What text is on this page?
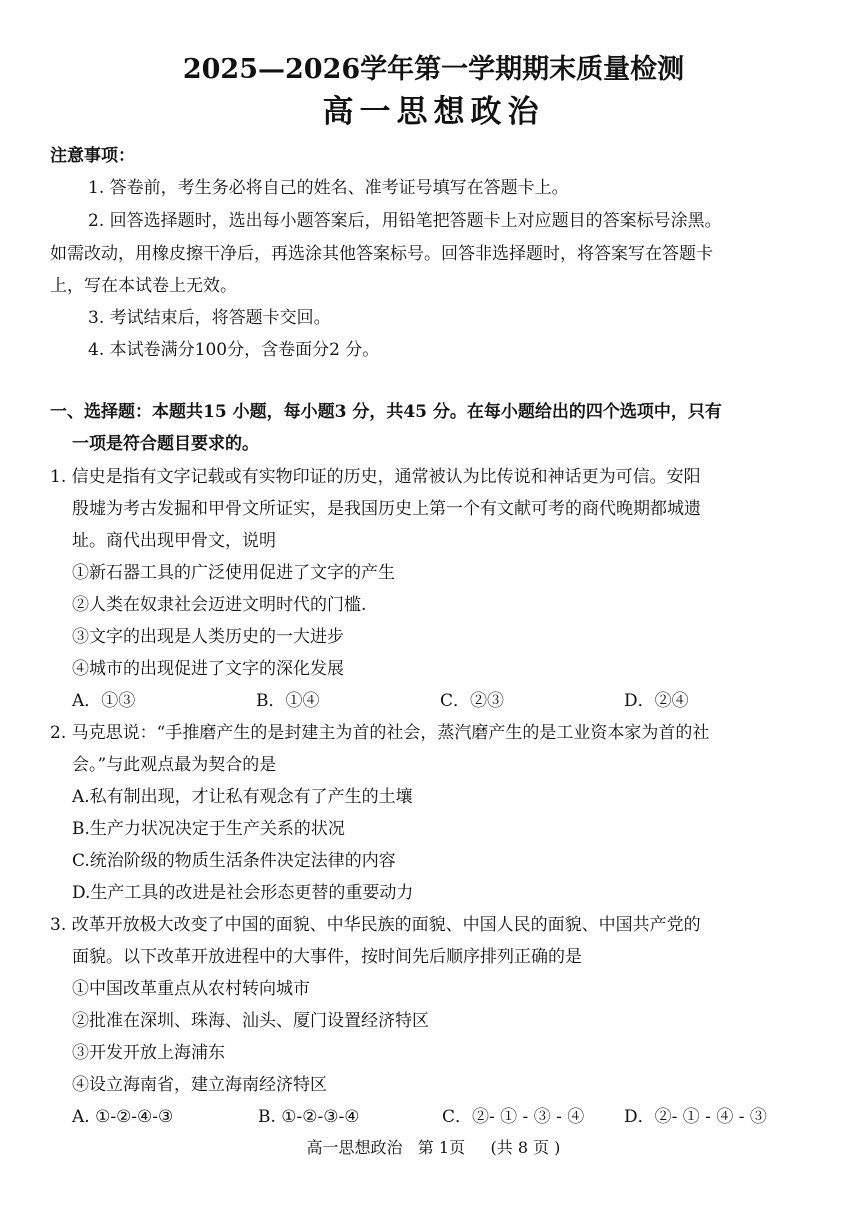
2025—2026学年第一学期期末质量检测
高一思想政治
注意事项：
1. 答卷前，考生务必将自己的姓名、准考证号填写在答题卡上。
2. 回答选择题时，选出每小题答案后，用铅笔把答题卡上对应题目的答案标号涂黑。
如需改动，用橡皮擦干净后，再选涂其他答案标号。回答非选择题时，将答案写在答题卡
上，写在本试卷上无效。
3. 考试结束后，将答题卡交回。
4. 本试卷满分100分，含卷面分2 分。
一、选择题：本题共15 小题，每小题3 分，共45 分。在每小题给出的四个选项中，只有
一项是符合题目要求的。
1. 信史是指有文字记载或有实物印证的历史，通常被认为比传说和神话更为可信。安阳
殷墟为考古发掘和甲骨文所证实，是我国历史上第一个有文献可考的商代晚期都城遗
址。商代出现甲骨文，说明
①新石器工具的广泛使用促进了文字的产生
②人类在奴隶社会迈进文明时代的门槛.
③文字的出现是人类历史的一大进步
④城市的出现促进了文字的深化发展
A．①③	B．①④	C．②③	D．②④
2. 马克思说：“手推磨产生的是封建主为首的社会，蒸汽磨产生的是工业资本家为首的社
会。”与此观点最为契合的是
A.私有制出现，才让私有观念有了产生的土壤
B.生产力状况决定于生产关系的状况
C.统治阶级的物质生活条件决定法律的内容
D.生产工具的改进是社会形态更替的重要动力
3. 改革开放极大改变了中国的面貌、中华民族的面貌、中国人民的面貌、中国共产党的
面貌。以下改革开放进程中的大事件，按时间先后顺序排列正确的是
①中国改革重点从农村转向城市
②批准在深圳、珠海、汕头、厦门设置经济特区
③开发开放上海浦东
④设立海南省，建立海南经济特区
A. ①-②-④-③	B. ①-②-③-④	C．②- ① - ③ - ④ D．②- ① - ④ - ③
高一思想政治   第 1页     (共 8 页 )
